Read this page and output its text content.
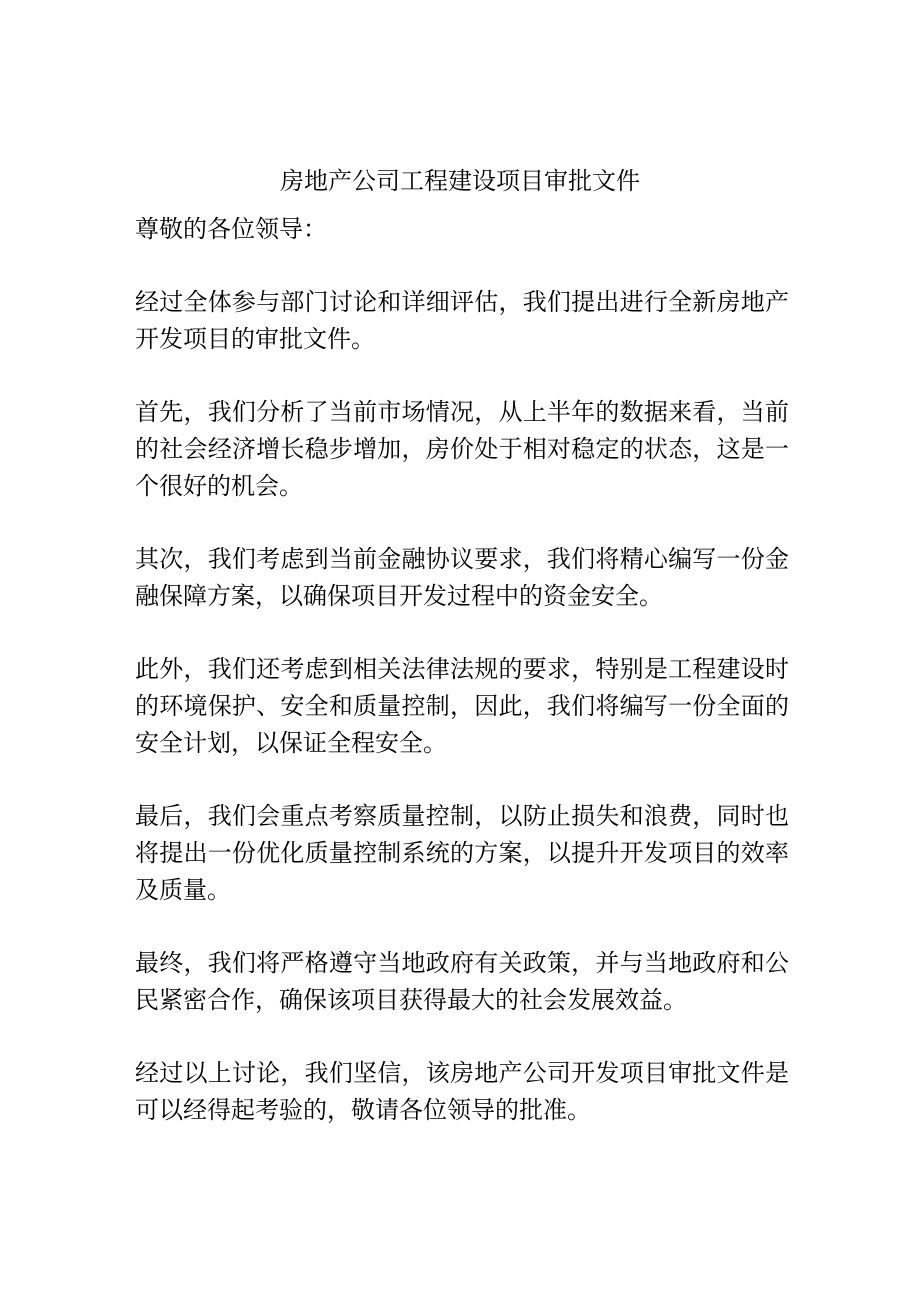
房地产公司工程建设项目审批文件

尊敬的各位领导：

经过全体参与部门讨论和详细评估，我们提出进行全新房地产开发项目的审批文件。

首先，我们分析了当前市场情况，从上半年的数据来看，当前的社会经济增长稳步增加，房价处于相对稳定的状态，这是一个很好的机会。

其次，我们考虑到当前金融协议要求，我们将精心编写一份金融保障方案，以确保项目开发过程中的资金安全。

此外，我们还考虑到相关法律法规的要求，特别是工程建设时的环境保护、安全和质量控制，因此，我们将编写一份全面的安全计划，以保证全程安全。

最后，我们会重点考察质量控制，以防止损失和浪费，同时也将提出一份优化质量控制系统的方案，以提升开发项目的效率及质量。

最终，我们将严格遵守当地政府有关政策，并与当地政府和公民紧密合作，确保该项目获得最大的社会发展效益。

经过以上讨论，我们坚信，该房地产公司开发项目审批文件是可以经得起考验的，敬请各位领导的批准。
